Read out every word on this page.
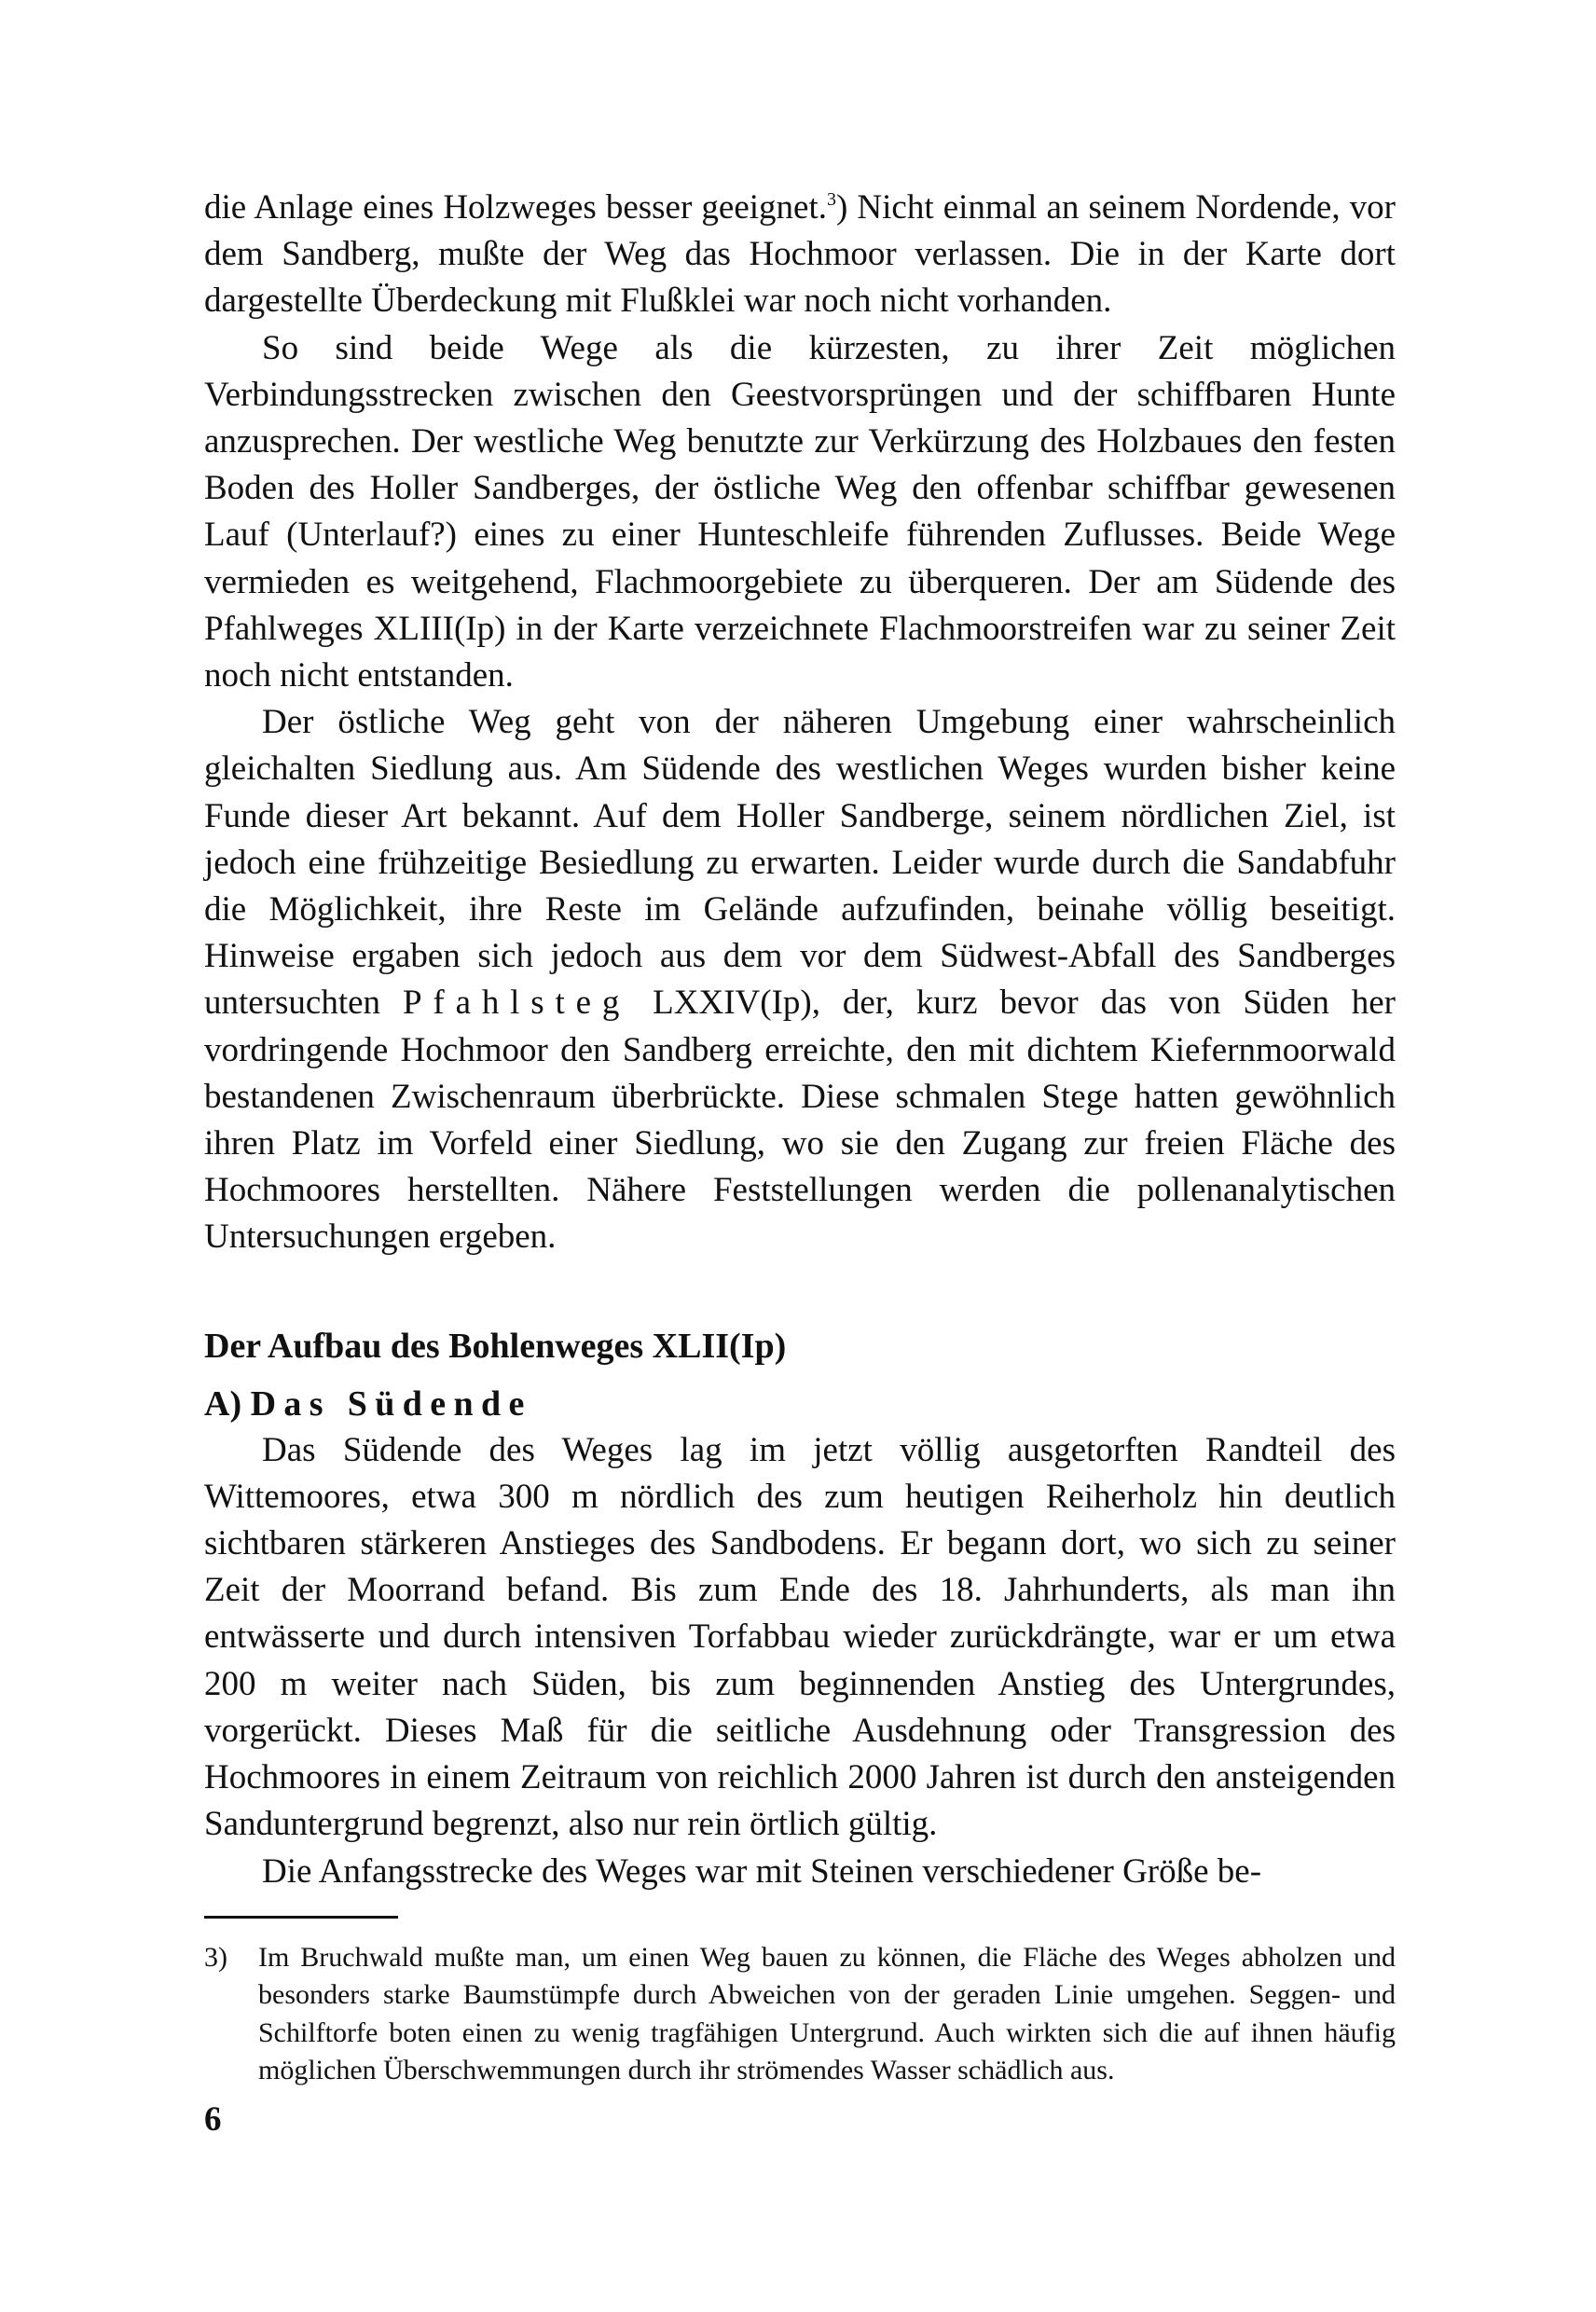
die Anlage eines Holzweges besser geeignet.$^3$) Nicht einmal an seinem Nordende, vor dem Sandberg, mußte der Weg das Hochmoor verlassen. Die in der Karte dort dargestellte Überdeckung mit Flußklei war noch nicht vorhanden.

So sind beide Wege als die kürzesten, zu ihrer Zeit möglichen Verbindungsstrecken zwischen den Geestvorsprüngen und der schiffbaren Hunte anzusprechen. Der westliche Weg benutzte zur Verkürzung des Holzbaues den festen Boden des Holler Sandberges, der östliche Weg den offenbar schiffbar gewesenen Lauf (Unterlauf?) eines zu einer Hunteschleife führenden Zuflusses. Beide Wege vermieden es weitgehend, Flachmoorgebiete zu überqueren. Der am Südende des Pfahlweges XLIII(Ip) in der Karte verzeichnete Flachmoorstreifen war zu seiner Zeit noch nicht entstanden.

Der östliche Weg geht von der näheren Umgebung einer wahrscheinlich gleichalten Siedlung aus. Am Südende des westlichen Weges wurden bisher keine Funde dieser Art bekannt. Auf dem Holler Sandberge, seinem nördlichen Ziel, ist jedoch eine frühzeitige Besiedlung zu erwarten. Leider wurde durch die Sandabfuhr die Möglichkeit, ihre Reste im Gelände aufzufinden, beinahe völlig beseitigt. Hinweise ergaben sich jedoch aus dem vor dem Südwest-Abfall des Sandberges untersuchten Pfahlsteg LXXIV(Ip), der, kurz bevor das von Süden her vordringende Hochmoor den Sandberg erreichte, den mit dichtem Kiefernmoorwald bestandenen Zwischenraum überbrückte. Diese schmalen Stege hatten gewöhnlich ihren Platz im Vorfeld einer Siedlung, wo sie den Zugang zur freien Fläche des Hochmoores herstellten. Nähere Feststellungen werden die pollenanalytischen Untersuchungen ergeben.

Der Aufbau des Bohlenweges XLII(Ip)
A) Das Südende

Das Südende des Weges lag im jetzt völlig ausgetorften Randteil des Wittemoores, etwa 300 m nördlich des zum heutigen Reiherholz hin deutlich sichtbaren stärkeren Anstieges des Sandbodens. Er begann dort, wo sich zu seiner Zeit der Moorrand befand. Bis zum Ende des 18. Jahrhunderts, als man ihn entwässerte und durch intensiven Torfabbau wieder zurückdrängte, war er um etwa 200 m weiter nach Süden, bis zum beginnenden Anstieg des Untergrundes, vorgerückt. Dieses Maß für die seitliche Ausdehnung oder Transgression des Hochmoores in einem Zeitraum von reichlich 2000 Jahren ist durch den ansteigenden Sanduntergrund begrenzt, also nur rein örtlich gültig.

Die Anfangsstrecke des Weges war mit Steinen verschiedener Größe be-

3) Im Bruchwald mußte man, um einen Weg bauen zu können, die Fläche des Weges abholzen und besonders starke Baumstümpfe durch Abweichen von der geraden Linie umgehen. Seggen- und Schilftorfe boten einen zu wenig tragfähigen Untergrund. Auch wirkten sich die auf ihnen häufig möglichen Überschwemmungen durch ihr strömendes Wasser schädlich aus.

6
